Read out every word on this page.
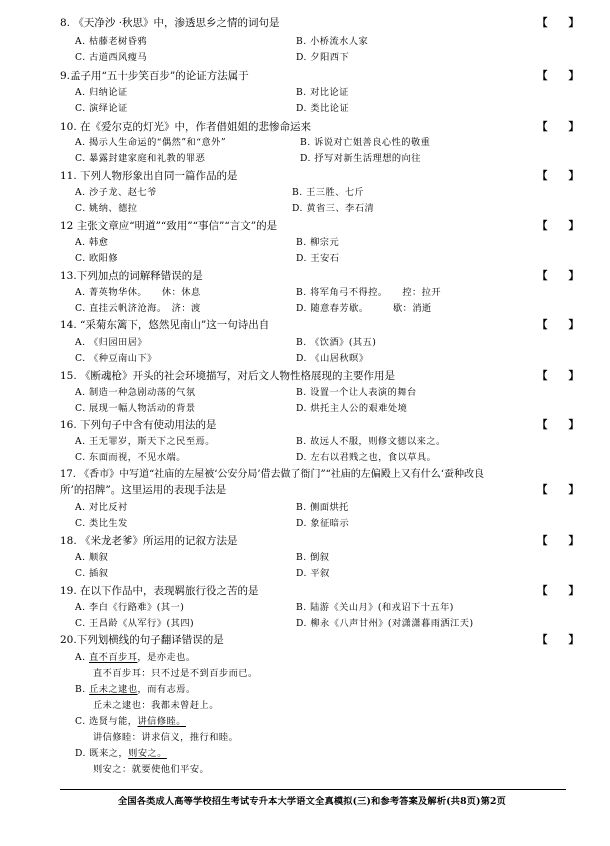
8. 《天净沙 ·秋思》中，渗透思乡之情的词句是	【　　】
A. 枯藤老树昏鸦	B. 小桥流水人家
C. 古道西风瘦马	D. 夕阳西下
9.孟子用“五十步笑百步”的论证方法属于	【　　】
A. 归纳论证	B. 对比论证
C. 演绎论证	D. 类比论证
10. 在《爱尔克的灯光》中，作者借姐姐的悲惨命运来	【　　】
A. 揭示人生命运的“偶然”和“意外”	B. 诉说对亡姐善良心性的敬重
C. 暴露封建家庭和礼教的罪恶	D. 抒写对新生活理想的向往
11. 下列人物形象出自同一篇作品的是	【　　】
A. 沙子龙、赵七爷	B. 王三胜、七斤
C. 姚纳、德拉	D. 黄省三、李石清
12 主张文章应“明道”“致用”“事信”“言文”的是	【　　】
A. 韩愈	B. 柳宗元
C. 欧阳修	D. 王安石
13.下列加点的词解释错误的是	【　　】
A. 菁英物华休。　　休：休息	B. 将军角弓不得控。　　控：拉开
C. 直挂云帆济沧海。　济：渡	D. 随意春芳歇。　　　歇：消逝
14. “采菊东篱下，悠然见南山”这一句诗出自	【　　】
A. 《归园田居》	B. 《饮酒》(其五)
C. 《种豆南山下》	D. 《山居秋暝》
15. 《断魂枪》开头的社会环境描写，对后文人物性格展现的主要作用是	【　　】
A. 制造一种急剧动荡的气氛	B. 设置一个让人表演的舞台
C. 展现一幅人物活动的背景	D. 烘托主人公的艰难处境
16. 下列句子中含有使动用法的是	【　　】
A. 王无罪岁，斯天下之民至焉。	B. 故远人不服，则修文德以来之。
C. 东面而视，不见水端。	D. 左右以君贱之也，食以草具。
17. 《香市》中写道“社庙的左屋被‘公安分局’借去做了衙门”“社庙的左偏殿上又有什么‘蚕种改良
所’的招牌”。这里运用的表现手法是	【　　】
A. 对比反衬	B. 侧面烘托
C. 类比生发	D. 象征暗示
18. 《米龙老爹》所运用的记叙方法是	【　　】
A. 顺叙	B. 倒叙
C. 插叙	D. 平叙
19. 在以下作品中，表现羁旅行役之苦的是	【　　】
A. 李白《行路难》(其一)	B. 陆游《关山月》(和戎诏下十五年)
C. 王昌龄《从军行》(其四)	D. 柳永《八声甘州》(对潇潇暮雨洒江天)
20.下列划横线的句子翻译错误的是	【　　】
A. 直不百步耳，是亦走也。
直不百步耳：只不过是不到百步而已。
B. 丘未之逮也，而有志焉。
丘未之逮也：我都未曾赶上。
C. 选贤与能，讲信修睦。
讲信修睦：讲求信义，推行和睦。
D. 既来之，则安之。
则安之：就要使他们平安。
全国各类成人高等学校招生考试专升本大学语文全真模拟(三)和参考答案及解析(共8页)第2页
